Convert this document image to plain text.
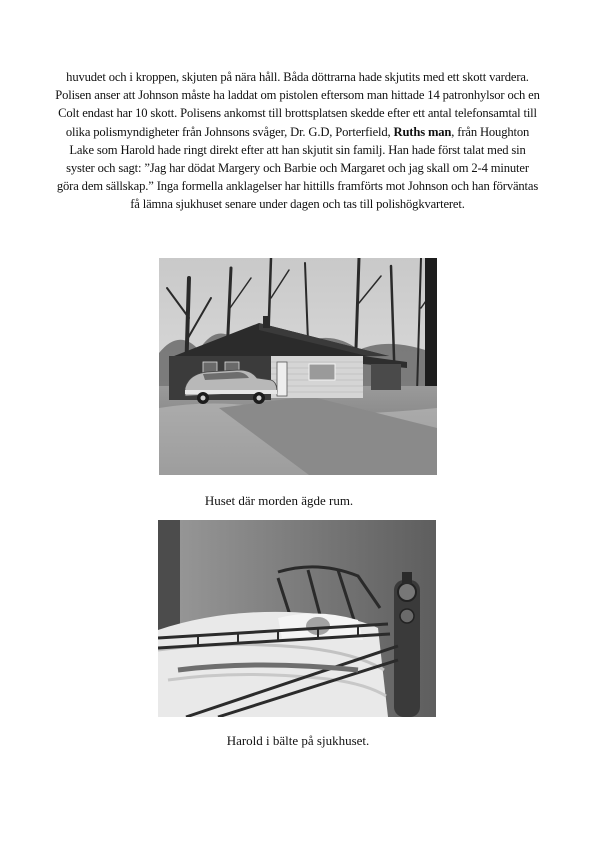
huvudet och i kroppen, skjuten på nära håll. Båda döttrarna hade skjutits med ett skott vardera. Polisen anser att Johnson måste ha laddat om pistolen eftersom man hittade 14 patronhylsor och en Colt endast har 10 skott. Polisens ankomst till brottsplatsen skedde efter ett antal telefonsamtal till olika polismyndigheter från Johnsons svåger, Dr. G.D, Porterfield, Ruths man, från Houghton Lake som Harold hade ringt direkt efter att han skjutit sin familj. Han hade först talat med sin syster och sagt: ”Jag har dödat Margery och Barbie och Margaret och jag skall om 2-4 minuter göra dem sällskap.” Inga formella anklagelser har hittills framförts mot Johnson och han förväntas få lämna sjukhuset senare under dagen och tas till polishögkvarteret.

Huset där morden ägde rum.

Harold i bälte på sjukhuset.
